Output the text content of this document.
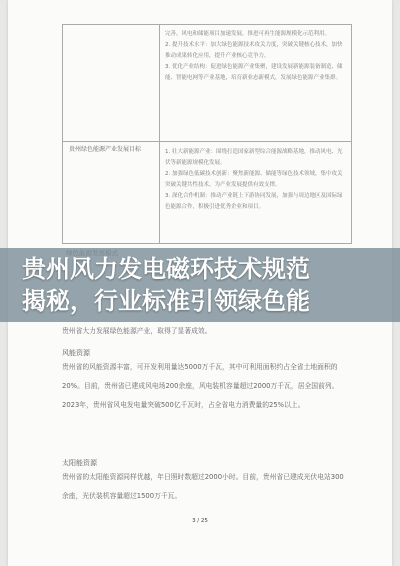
完善，风电和储能项目加速发展，推进可再生能源规模化示范利用。
2. 提升技术水平：加大绿色能源技术攻关力度，突破关键核心技术，加快推动成果转化应用，提升产业核心竞争力。
3. 优化产业结构：促进绿色能源产业集聚，建设发展新能源装备制造、储能、智能电网等产业基地，培育新业态新模式，发展绿色能源产业集群。
贵州绿色能源产业发展目标	1. 壮大新能源产业：围绕打造国家新型综合能源战略基地，推动风电、光伏等新能源规模化发展。
2. 加强绿色低碳技术创新：聚焦新能源、储能等绿色技术领域，集中攻关突破关键共性技术，为产业发展提供有效支撑。
3. 深化合作机制：推动产业链上下游协同发展，加强与周边地区及国际绿色能源合作，积极引进优秀企业和项目。
贵州省大力发展绿色能源产业，取得了显著成效。
风能资源
贵州省的风能资源丰富，可开发利用量达5000万千瓦，其中可利用面积约占全省土地面积的20%。目前，贵州省已建成风电场200余座，风电装机容量超过2000万千瓦，居全国前列。2023年，贵州省风电发电量突破500亿千瓦时，占全省电力消费量的25%以上。
太阳能资源
贵州省的太阳能资源同样优越，年日照时数超过2000小时。目前，贵州省已建成光伏电站300余座，光伏装机容量超过1500万千瓦。
3 / 25
贵州风力发电磁环技术规范
揭秘，行业标准引领绿色能
